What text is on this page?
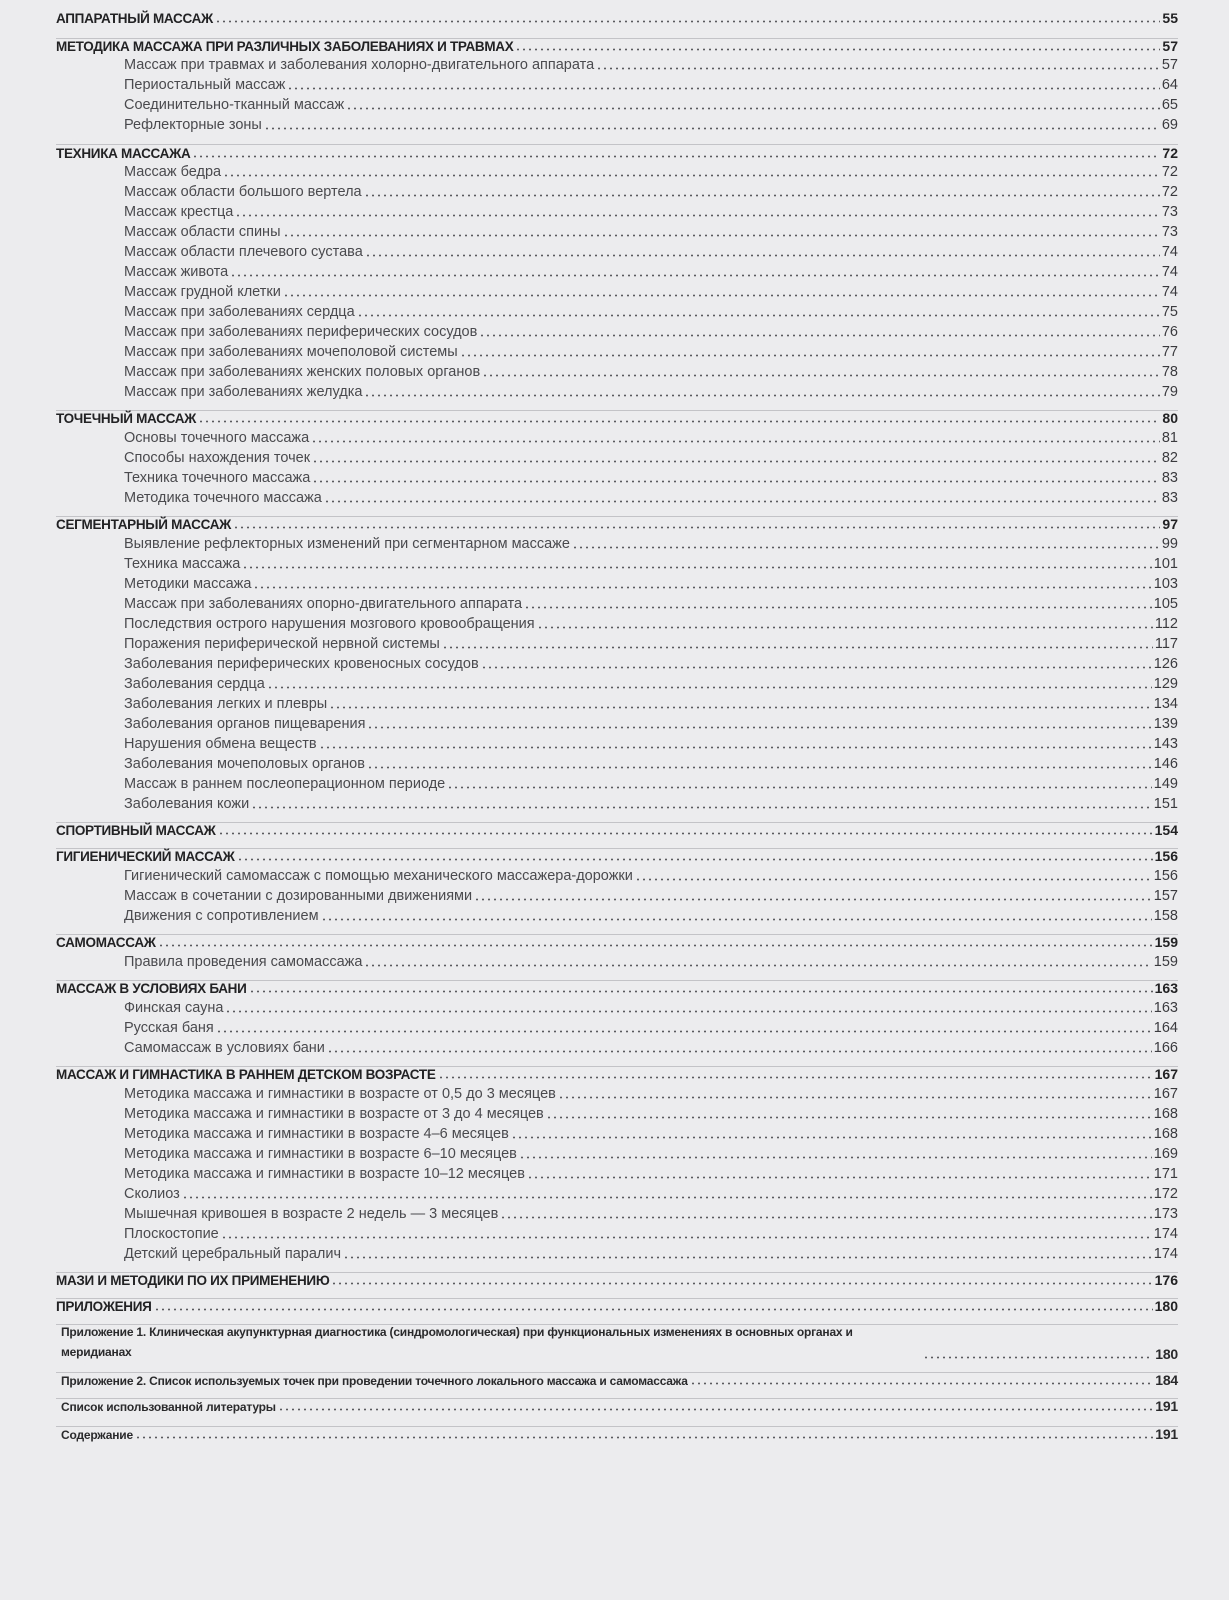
АППАРАТНЫЙ МАССАЖ	55
МЕТОДИКА МАССАЖА ПРИ РАЗЛИЧНЫХ ЗАБОЛЕВАНИЯХ И ТРАВМАХ	57
Массаж при травмах и заболевания холорно-двигательного аппарата	57
Периостальный массаж	64
Соединительно-тканный массаж	65
Рефлекторные зоны	69
ТЕХНИКА МАССАЖА	72
Массаж бедра	72
Массаж области большого вертела	72
Массаж крестца	73
Массаж области спины	73
Массаж области плечевого сустава	74
Массаж живота	74
Массаж грудной клетки	74
Массаж при заболеваниях сердца	75
Массаж при заболеваниях периферических сосудов	76
Массаж при заболеваниях мочеполовой системы	77
Массаж при заболеваниях женских половых органов	78
Массаж при заболеваниях желудка	79
ТОЧЕЧНЫЙ МАССАЖ	80
Основы точечного массажа	81
Способы нахождения точек	82
Техника точечного массажа	83
Методика точечного массажа	83
СЕГМЕНТАРНЫЙ МАССАЖ	97
Выявление рефлекторных изменений при сегментарном массаже	99
Техника массажа	101
Методики массажа	103
Массаж при заболеваниях опорно-двигательного аппарата	105
Последствия острого нарушения мозгового кровообращения	112
Поражения периферической нервной системы	117
Заболевания периферических кровеносных сосудов	126
Заболевания сердца	129
Заболевания легких и плевры	134
Заболевания органов пищеварения	139
Нарушения обмена веществ	143
Заболевания мочеполовых органов	146
Массаж в раннем послеоперационном периоде	149
Заболевания кожи	151
СПОРТИВНЫЙ МАССАЖ	154
ГИГИЕНИЧЕСКИЙ МАССАЖ	156
Гигиенический самомассаж с помощью механического массажера-дорожки	156
Массаж в сочетании с дозированными движениями	157
Движения с сопротивлением	158
САМОМАССАЖ	159
Правила проведения самомассажа	159
МАССАЖ В УСЛОВИЯХ БАНИ	163
Финская сауна	163
Русская баня	164
Самомассаж в условиях бани	166
МАССАЖ И ГИМНАСТИКА В РАННЕМ ДЕТСКОМ ВОЗРАСТЕ	167
Методика массажа и гимнастики в возрасте от 0,5 до 3 месяцев	167
Методика массажа и гимнастики в возрасте от 3 до 4 месяцев	168
Методика массажа и гимнастики в возрасте 4–6 месяцев	168
Методика массажа и гимнастики в возрасте 6–10 месяцев	169
Методика массажа и гимнастики в возрасте 10–12 месяцев	171
Сколиоз	172
Мышечная кривошея в возрасте 2 недель — 3 месяцев	173
Плоскостопие	174
Детский церебральный паралич	174
МАЗИ И МЕТОДИКИ ПО ИХ ПРИМЕНЕНИЮ	176
ПРИЛОЖЕНИЯ	180
Приложение 1. Клиническая акупунктурная диагностика (синдромологическая) при функциональных изменениях в основных органах и меридианах	180
Приложение 2. Список используемых точек при проведении точечного локального массажа и самомассажа	184
Список использованной литературы	191
Содержание	191
